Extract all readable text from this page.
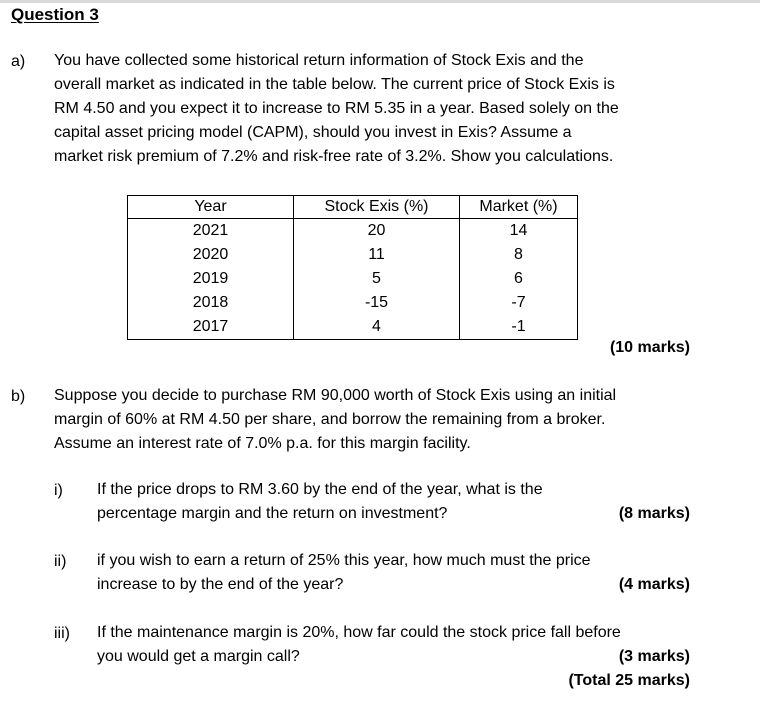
Question 3
a) You have collected some historical return information of Stock Exis and the
overall market as indicated in the table below. The current price of Stock Exis is
RM 4.50 and you expect it to increase to RM 5.35 in a year. Based solely on the
capital asset pricing model (CAPM), should you invest in Exis? Assume a
market risk premium of 7.2% and risk-free rate of 3.2%. Show you calculations.
Year	Stock Exis (%)	Market (%)
2021	20	14
2020	11	8
2019	5	6
2018	-15	-7
2017	4	-1
(10 marks)
b) Suppose you decide to purchase RM 90,000 worth of Stock Exis using an initial
margin of 60% at RM 4.50 per share, and borrow the remaining from a broker.
Assume an interest rate of 7.0% p.a. for this margin facility.
i) If the price drops to RM 3.60 by the end of the year, what is the
percentage margin and the return on investment?	(8 marks)
ii) if you wish to earn a return of 25% this year, how much must the price
increase to by the end of the year?	(4 marks)
iii) If the maintenance margin is 20%, how far could the stock price fall before
you would get a margin call?	(3 marks)
(Total 25 marks)
